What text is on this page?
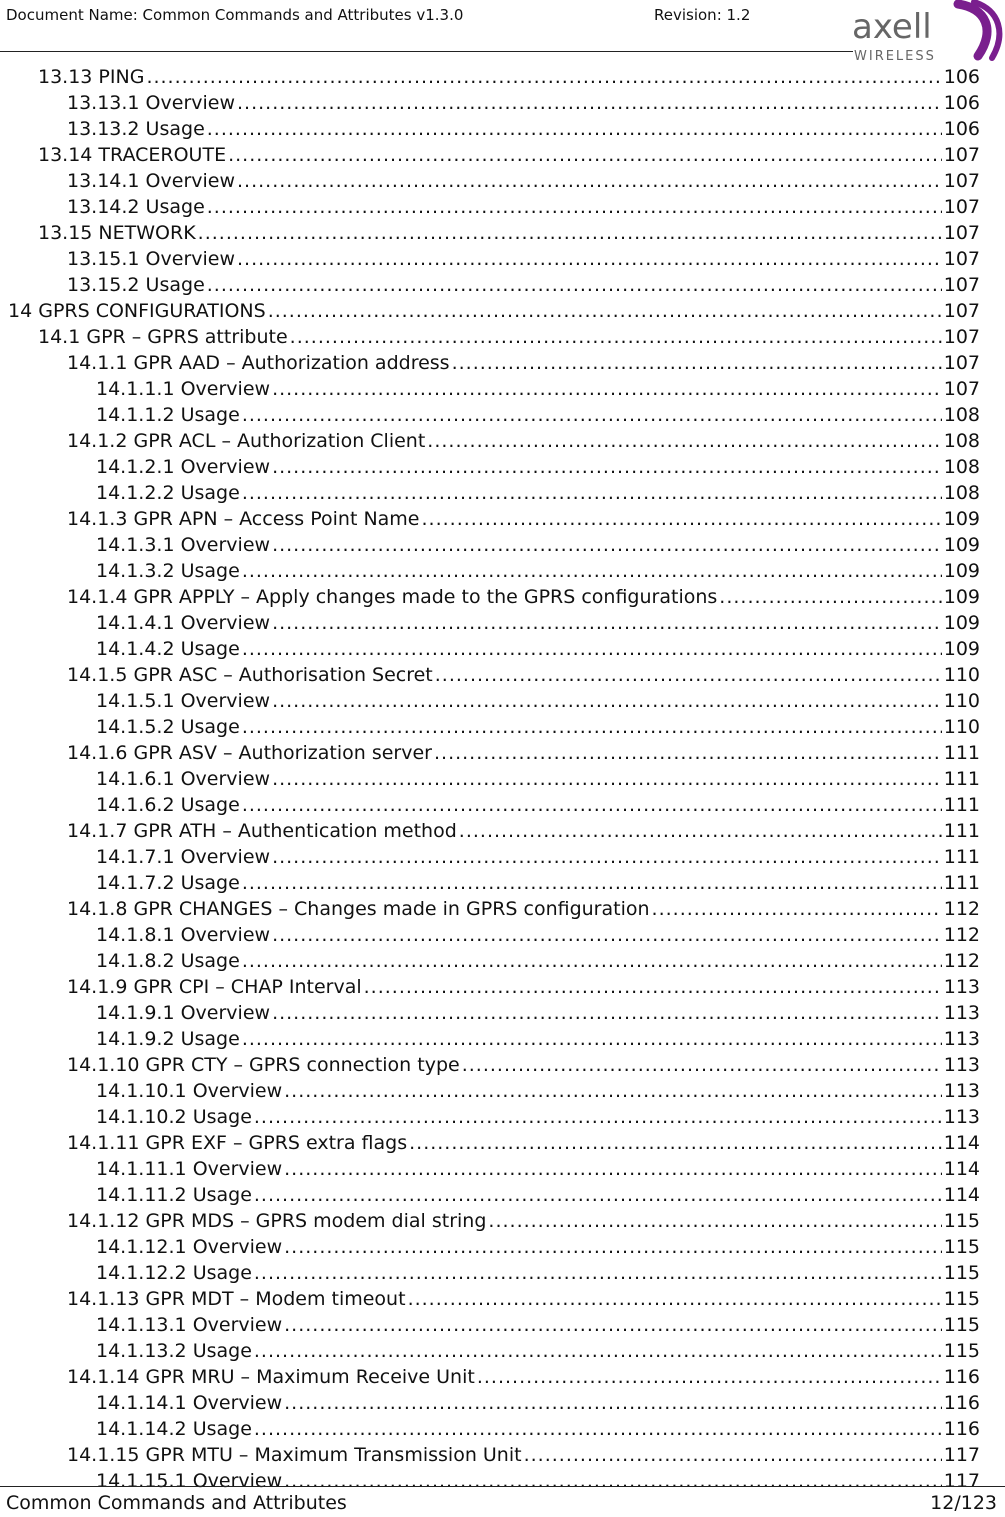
Document Name: Common Commands and Attributes v1.3.0	Revision: 1.2	axell
WIRELESS
13.13 PING .....	106
13.13.1 Overview .....	106
13.13.2 Usage .....	106
13.14 TRACEROUTE .....	107
13.14.1 Overview .....	107
13.14.2 Usage .....	107
13.15 NETWORK .....	107
13.15.1 Overview .....	107
13.15.2 Usage .....	107
14 GPRS CONFIGURATIONS .....	107
14.1 GPR – GPRS attribute .....	107
14.1.1 GPR AAD – Authorization address .....	107
14.1.1.1 Overview .....	107
14.1.1.2 Usage .....	108
14.1.2 GPR ACL – Authorization Client .....	108
14.1.2.1 Overview .....	108
14.1.2.2 Usage .....	108
14.1.3 GPR APN – Access Point Name .....	109
14.1.3.1 Overview .....	109
14.1.3.2 Usage .....	109
14.1.4 GPR APPLY – Apply changes made to the GPRS configurations .....	109
14.1.4.1 Overview .....	109
14.1.4.2 Usage .....	109
14.1.5 GPR ASC – Authorisation Secret .....	110
14.1.5.1 Overview .....	110
14.1.5.2 Usage .....	110
14.1.6 GPR ASV – Authorization server .....	111
14.1.6.1 Overview .....	111
14.1.6.2 Usage .....	111
14.1.7 GPR ATH – Authentication method .....	111
14.1.7.1 Overview .....	111
14.1.7.2 Usage .....	111
14.1.8 GPR CHANGES – Changes made in GPRS configuration .....	112
14.1.8.1 Overview .....	112
14.1.8.2 Usage .....	112
14.1.9 GPR CPI – CHAP Interval .....	113
14.1.9.1 Overview .....	113
14.1.9.2 Usage .....	113
14.1.10 GPR CTY – GPRS connection type .....	113
14.1.10.1 Overview .....	113
14.1.10.2 Usage .....	113
14.1.11 GPR EXF – GPRS extra flags .....	114
14.1.11.1 Overview .....	114
14.1.11.2 Usage .....	114
14.1.12 GPR MDS – GPRS modem dial string .....	115
14.1.12.1 Overview .....	115
14.1.12.2 Usage .....	115
14.1.13 GPR MDT – Modem timeout .....	115
14.1.13.1 Overview .....	115
14.1.13.2 Usage .....	115
14.1.14 GPR MRU – Maximum Receive Unit .....	116
14.1.14.1 Overview .....	116
14.1.14.2 Usage .....	116
14.1.15 GPR MTU – Maximum Transmission Unit .....	117
14.1.15.1 Overview .....	117
Common Commands and Attributes	12/123
